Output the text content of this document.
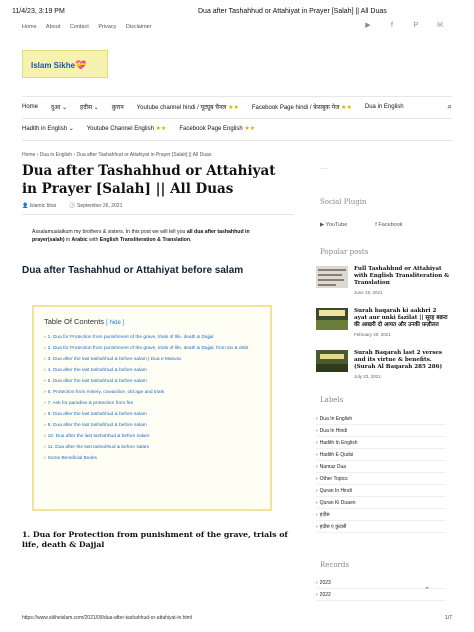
11/4/23, 3:19 PM	Dua after Tashahhud or Attahiyat in Prayer [Salah] || All Duas
Home About Contact Privacy Disclaimer	▶	f	P	✉
Islam Sikhe💝
Home दुआ ⌄ हदीस ⌄ क़ुरान Youtube channel hindi / यूट्यूब चैनल ★★ Facebook Page hindi / फ़ेसबुक पेज ★★ Dua in English	⌕
Hadith in English ⌄ Youtube Channel English ★★ Facebook Page English ★★
Home › Dua in English › Dua after Tashahhud or Attahiyat in Prayer [Salah] || All Duas
Dua after Tashahhud or Attahiyat in Prayer [Salah] || All Duas
👤 Islamic bhai	🕒 September 26, 2021

Assalamualaikum my brothers & sisters. In this post we will tell you all dua after tashahhud in prayer(salah) in Arabic with English Transliteration & Translation.

Dua after Tashahhud or Attahiyat before salam
Table Of Contents [ hide ]
› 1. Dua for Protection from punishment of the grave, trials of life, death & Dajjal
› 2. Dua for Protection from punishment of the grave, trials of life, death & Dajjal, from sin & debt
› 3. Dua after the last tashahhud & before salam | Dua e Masura
› 4. Dua after the last tashahhud & before salam
› 5. Dua after the last tashahhud & before salam
› 6. Protection from misery, cowardice, old age and trials
› 7. Ask for paradise & protection from fire
› 8. Dua after the last tashahhud & before salam
› 9. Dua after the last tashahhud & before salam
› 10. Dua after the last tashahhud & before salam
› 11. Dua after the last tashahhud & before salam
› Some Beneficial Books
1. Dua for Protection from punishment of the grave, trials of life, death & Dajjal
---
Social Plugin
▶ YouTube	f Facebook
Popular posts
Full Tashahhud or Attahiyat with English Transliteration & Translation
June 19, 2021
Surah baqarah ki aakhri 2 ayat aur unki fazilat || सूरह बक़रा की आखरी दो आयत और उनकी फ़ज़ीलत
February 20, 2021
Surah Baqarah last 2 verses and its virtue & benefits. (Surah Al Baqarah 285 286)
July 23, 2021
Labels
› Dua In English
› Dua In Hindi
› Hadith In English
› Hadith E Qudsi
› Namaz Dua
› Other Topics
› Quran In Hindi
› Quran Ki Duaen
› हदीस
› हदीस ए क़ुदसी
Records
› 2023
› 2022
⌃
https://www.sikheislam.com/2021/09/dua-after-tashahhud-or-attahiyat-in.html	1/7
